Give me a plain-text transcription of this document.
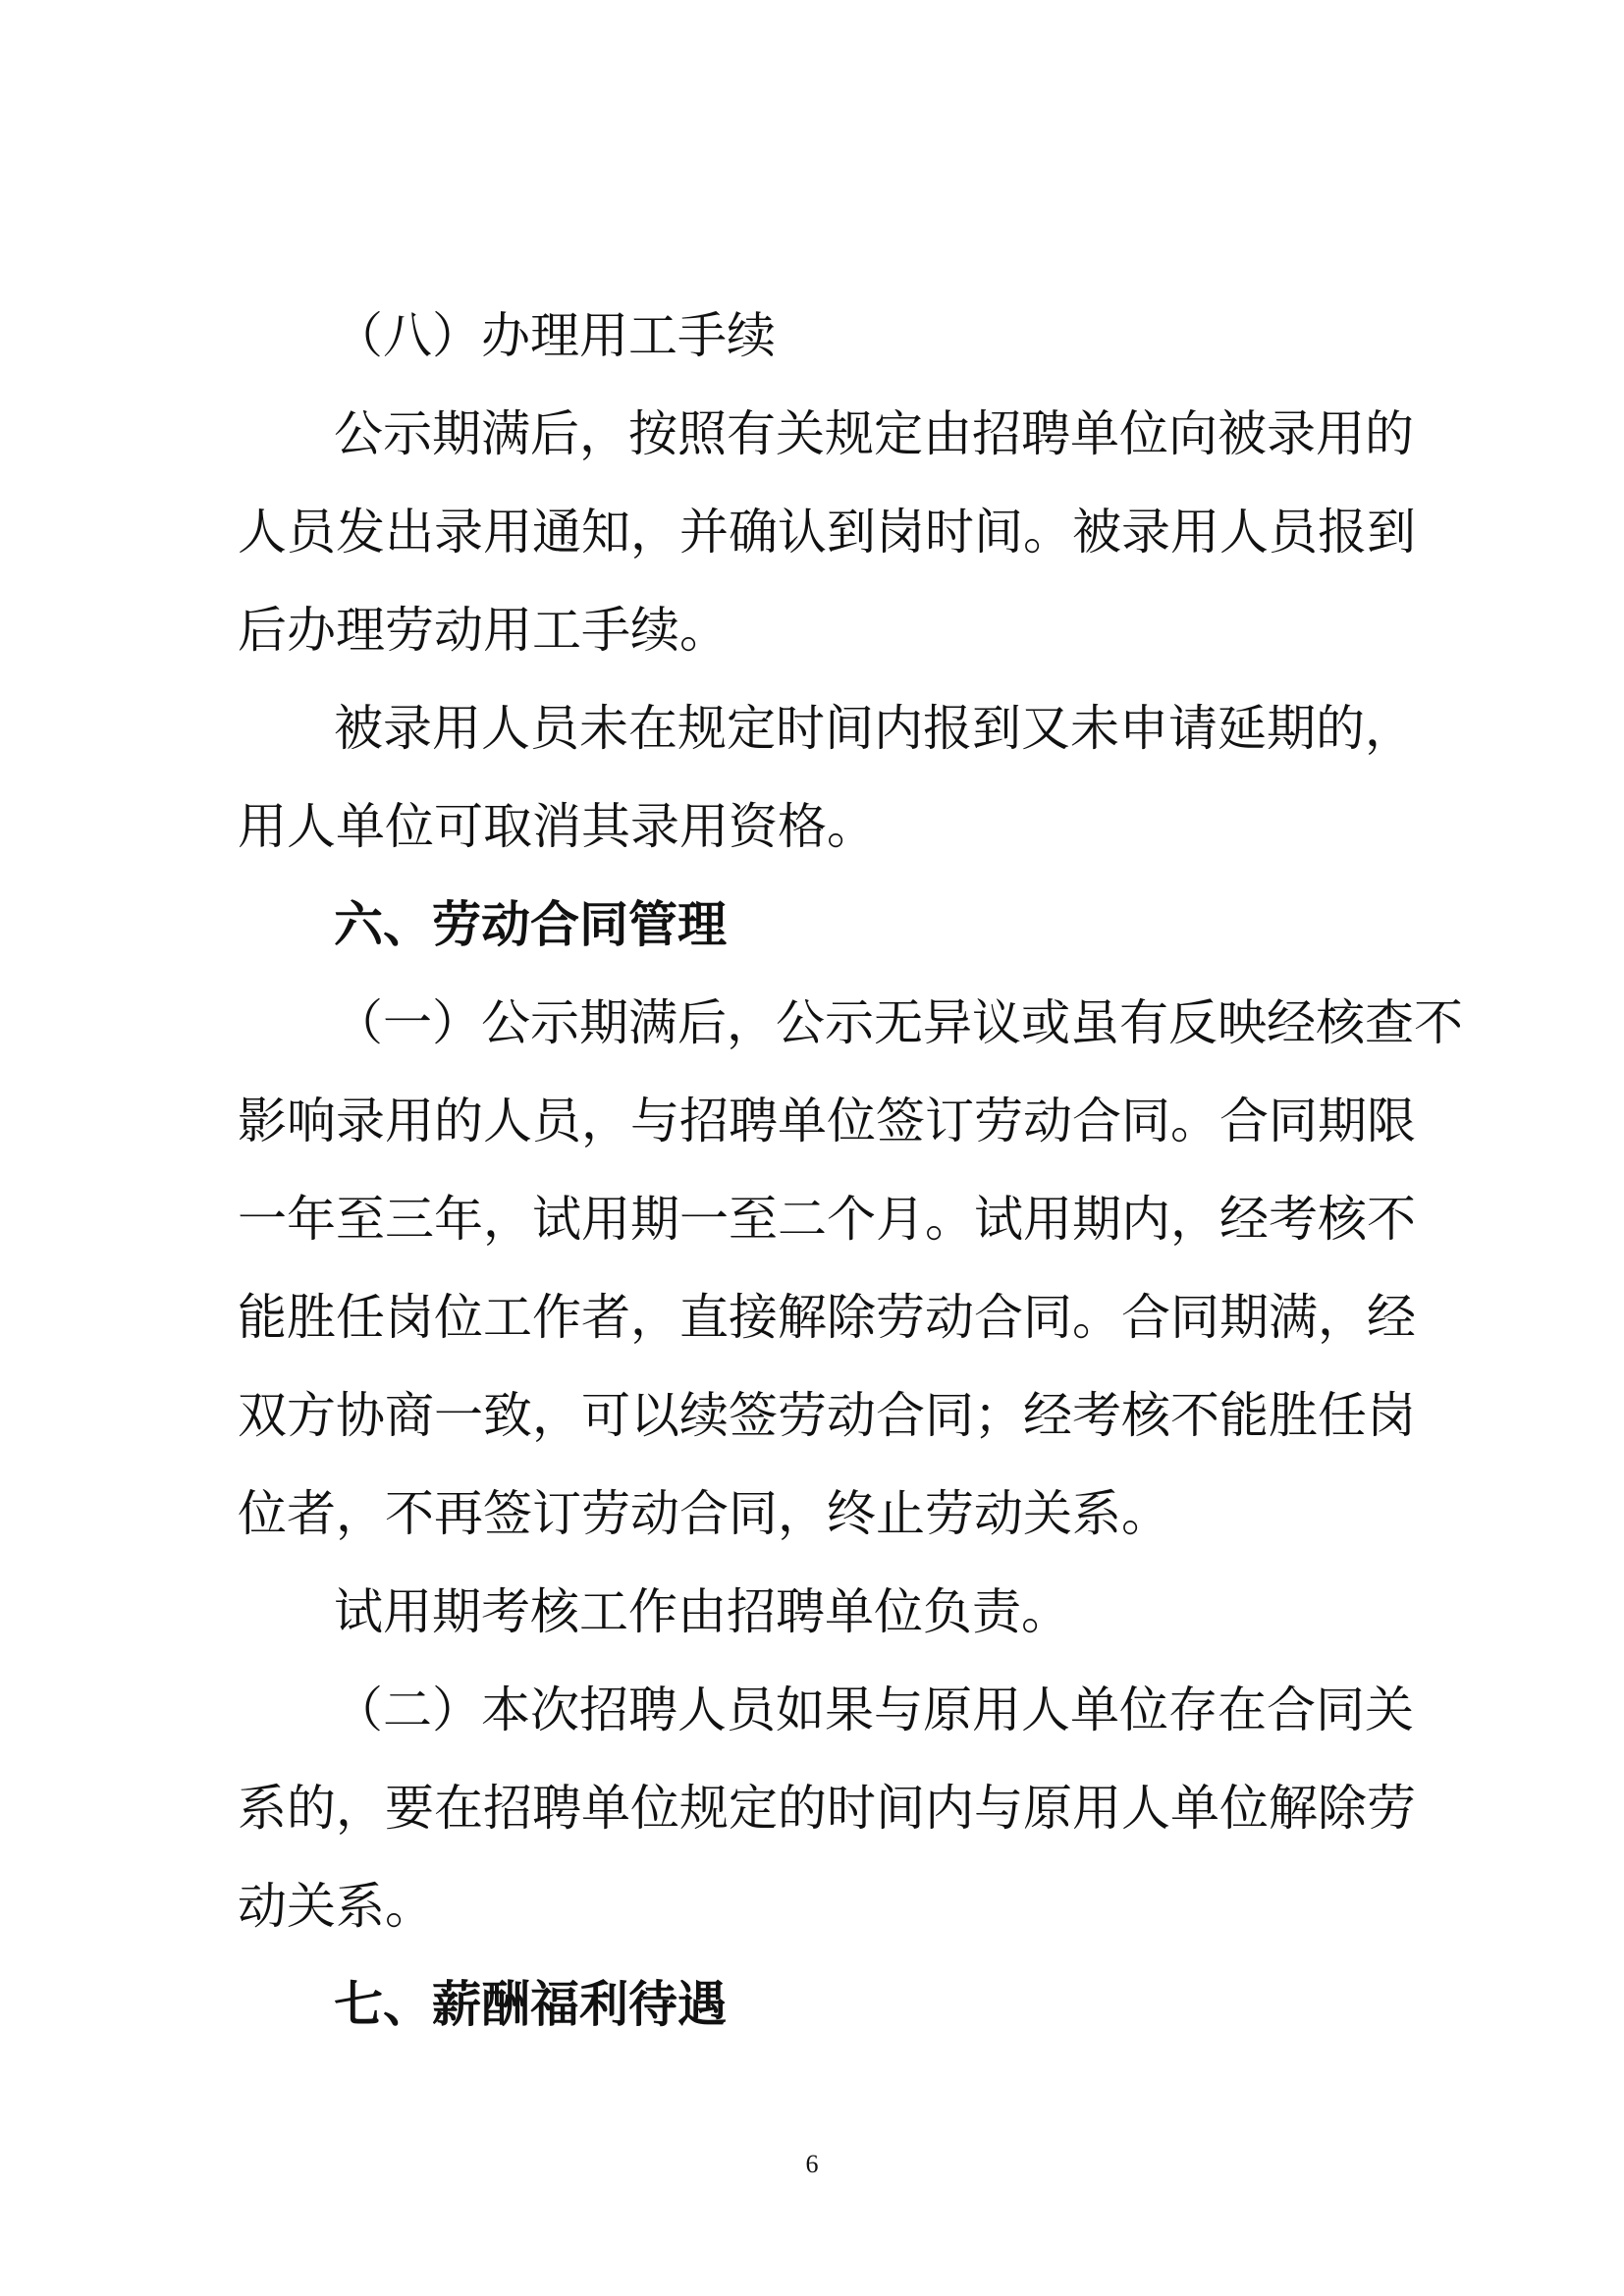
（八）办理用工手续
公示期满后，按照有关规定由招聘单位向被录用的
人员发出录用通知，并确认到岗时间。被录用人员报到
后办理劳动用工手续。
被录用人员未在规定时间内报到又未申请延期的，
用人单位可取消其录用资格。
六、劳动合同管理
（一）公示期满后，公示无异议或虽有反映经核查不
影响录用的人员，与招聘单位签订劳动合同。合同期限
一年至三年，试用期一至二个月。试用期内，经考核不
能胜任岗位工作者，直接解除劳动合同。合同期满，经
双方协商一致，可以续签劳动合同；经考核不能胜任岗
位者，不再签订劳动合同，终止劳动关系。
试用期考核工作由招聘单位负责。
（二）本次招聘人员如果与原用人单位存在合同关
系的，要在招聘单位规定的时间内与原用人单位解除劳
动关系。
七、薪酬福利待遇
6
